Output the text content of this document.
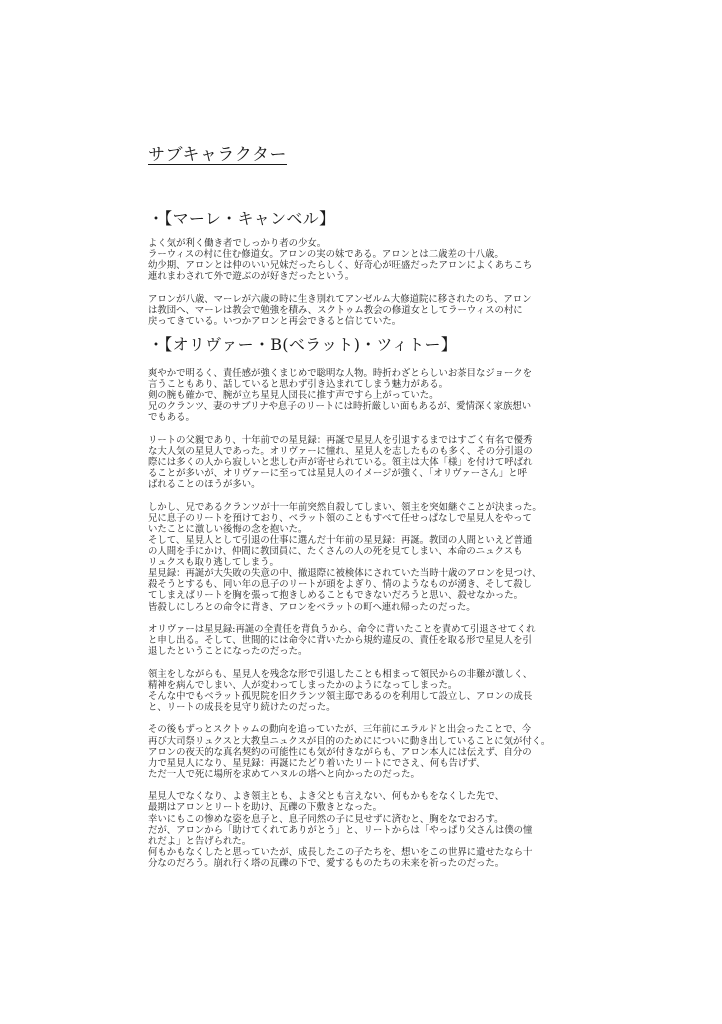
サブキャラクター
・【マーレ・キャンベル】

よく気が利く働き者でしっかり者の少女。
ラーウィスの村に住む修道女。アロンの実の妹である。アロンとは二歳差の十八歳。
幼少期、アロンとは仲のいい兄妹だったらしく、好奇心が旺盛だったアロンによくあちこち
連れまわされて外で遊ぶのが好きだったという。

アロンが八歳、マーレが六歳の時に生き別れてアンゼルム大修道院に移されたのち、アロン
は教団へ、マーレは教会で勉強を積み、スクトゥム教会の修道女としてラーウィスの村に
戻ってきている。いつかアロンと再会できると信じていた。

・【オリヴァー・B(ベラット)・ツィトー】

爽やかで明るく、責任感が強くまじめで聡明な人物。時折わざとらしいお茶目なジョークを
言うこともあり、話していると思わず引き込まれてしまう魅力がある。
剣の腕も確かで、腕が立ち星見人団長に推す声ですら上がっていた。
兄のクランツ、妻のサブリナや息子のリートには時折厳しい面もあるが、愛情深く家族想い
でもある。

リートの父親であり、十年前での星見録：再誕で星見人を引退するまではすごく有名で優秀
な大人気の星見人であった。オリヴァーに憧れ、星見人を志したものも多く、その分引退の
際には多くの人から寂しいと悲しむ声が寄せられている。領主は大体「様」を付けて呼ばれ
ることが多いが、オリヴァーに至っては星見人のイメージが強く、「オリヴァーさん」と呼
ばれることのほうが多い。

しかし、兄であるクランツが十一年前突然自殺してしまい、領主を突如継ぐことが決まった。
兄に息子のリートを預けており、ベラット領のこともすべて任せっぱなしで星見人をやって
いたことに激しい後悔の念を抱いた。
そして、星見人として引退の仕事に選んだ十年前の星見録：再誕。教団の人間といえど普通
の人間を手にかけ、仲間に教団員に、たくさんの人の死を見てしまい、本命のニュクスも
リュクスも取り逃してしまう。
星見録：再誕が大失敗の失意の中、撤退際に被検体にされていた当時十歳のアロンを見つけ、
殺そうとするも、同い年の息子のリートが頭をよぎり、情のようなものが湧き、そして殺し
てしまえばリートを胸を張って抱きしめることもできないだろうと思い、殺せなかった。
皆殺しにしろとの命令に背き、アロンをベラットの町へ連れ帰ったのだった。

オリヴァーは星見録:再誕の全責任を背負うから、命令に背いたことを責めて引退させてくれ
と申し出る。そして、世間的には命令に背いたから規約違反の、責任を取る形で星見人を引
退したということになったのだった。

領主をしながらも、星見人を残念な形で引退したことも相まって領民からの非難が激しく、
精神を病んでしまい、人が変わってしまったかのようになってしまった。
そんな中でもベラット孤児院を旧クランツ領主邸であるのを利用して設立し、アロンの成長
と、リートの成長を見守り続けたのだった。

その後もずっとスクトゥムの動向を追っていたが、三年前にエラルドと出会ったことで、今
再び大司祭リュクスと大教皇ニュクスが目的のためにについに動き出していることに気が付く。
アロンの夜天的な真名契約の可能性にも気が付きながらも、アロン本人には伝えず、自分の
力で星見人になり、星見録：再誕にたどり着いたリートにでさえ、何も告げず、
ただ一人で死に場所を求めてハヌルの塔へと向かったのだった。

星見人でなくなり、よき領主とも、よき父とも言えない、何もかもをなくした先で、
最期はアロンとリートを助け、瓦礫の下敷きとなった。
幸いにもこの惨めな姿を息子と、息子同然の子に見せずに済むと、胸をなでおろす。
だが、アロンから「助けてくれてありがとう」と、リートからは「やっぱり父さんは僕の憧
れだよ」と告げられた。
何もかもなくしたと思っていたが、成長したこの子たちを、想いをこの世界に遺せたなら十
分なのだろう。崩れ行く塔の瓦礫の下で、愛するものたちの未来を祈ったのだった。
